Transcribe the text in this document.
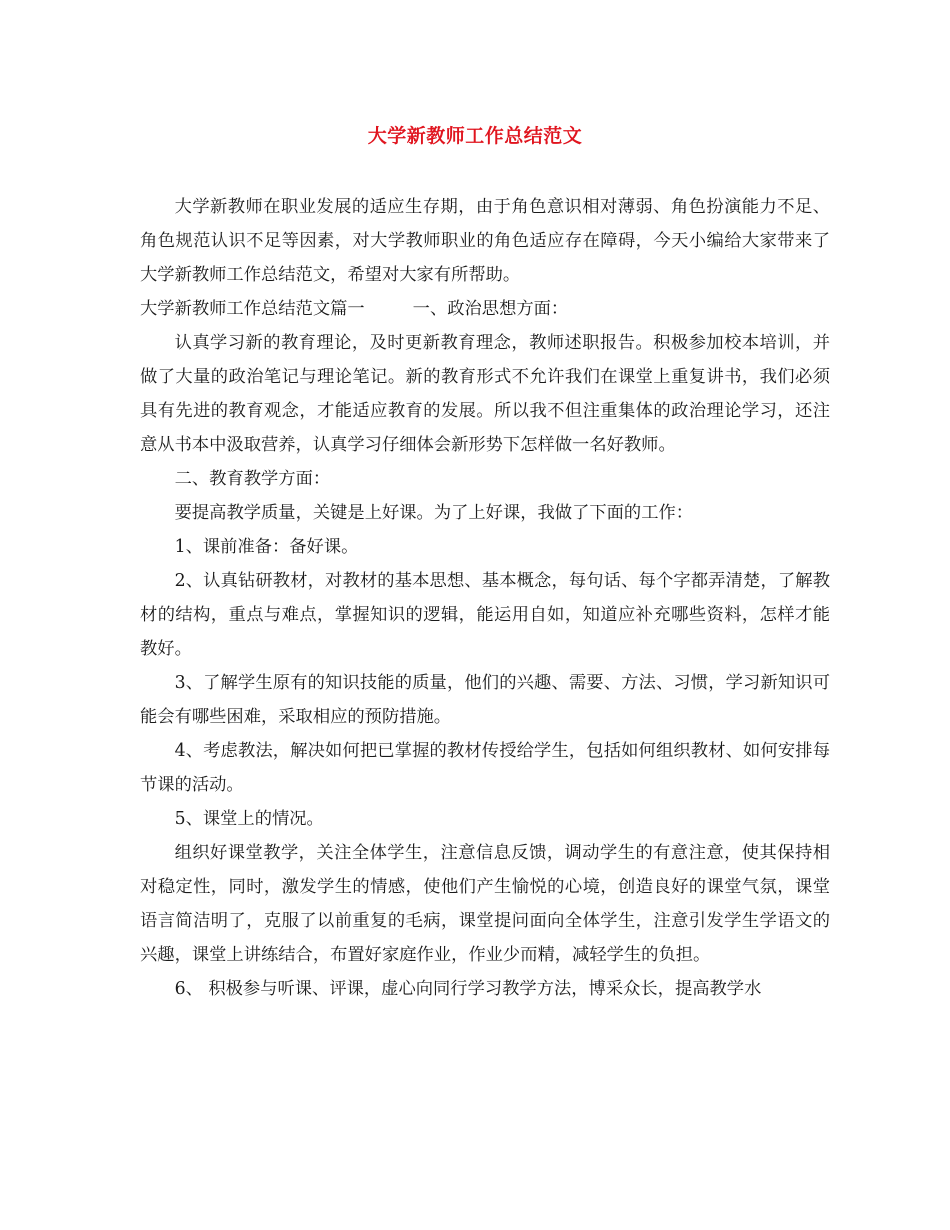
大学新教师工作总结范文

大学新教师在职业发展的适应生存期，由于角色意识相对薄弱、角色扮演能力不足、角色规范认识不足等因素，对大学教师职业的角色适应存在障碍，今天小编给大家带来了大学新教师工作总结范文，希望对大家有所帮助。

大学新教师工作总结范文篇一	一、政治思想方面：

认真学习新的教育理论，及时更新教育理念，教师述职报告。积极参加校本培训，并做了大量的政治笔记与理论笔记。新的教育形式不允许我们在课堂上重复讲书，我们必须具有先进的教育观念，才能适应教育的发展。所以我不但注重集体的政治理论学习，还注意从书本中汲取营养，认真学习仔细体会新形势下怎样做一名好教师。

二、教育教学方面：

要提高教学质量，关键是上好课。为了上好课，我做了下面的工作：

1、课前准备：备好课。

2、认真钻研教材，对教材的基本思想、基本概念，每句话、每个字都弄清楚，了解教材的结构，重点与难点，掌握知识的逻辑，能运用自如，知道应补充哪些资料，怎样才能教好。

3、了解学生原有的知识技能的质量，他们的兴趣、需要、方法、习惯，学习新知识可能会有哪些困难，采取相应的预防措施。

4、考虑教法，解决如何把已掌握的教材传授给学生，包括如何组织教材、如何安排每节课的活动。

5、课堂上的情况。

组织好课堂教学，关注全体学生，注意信息反馈，调动学生的有意注意，使其保持相对稳定性，同时，激发学生的情感，使他们产生愉悦的心境，创造良好的课堂气氛，课堂语言简洁明了，克服了以前重复的毛病，课堂提问面向全体学生，注意引发学生学语文的兴趣，课堂上讲练结合，布置好家庭作业，作业少而精，减轻学生的负担。

6、 积极参与听课、评课，虚心向同行学习教学方法，博采众长，提高教学水
